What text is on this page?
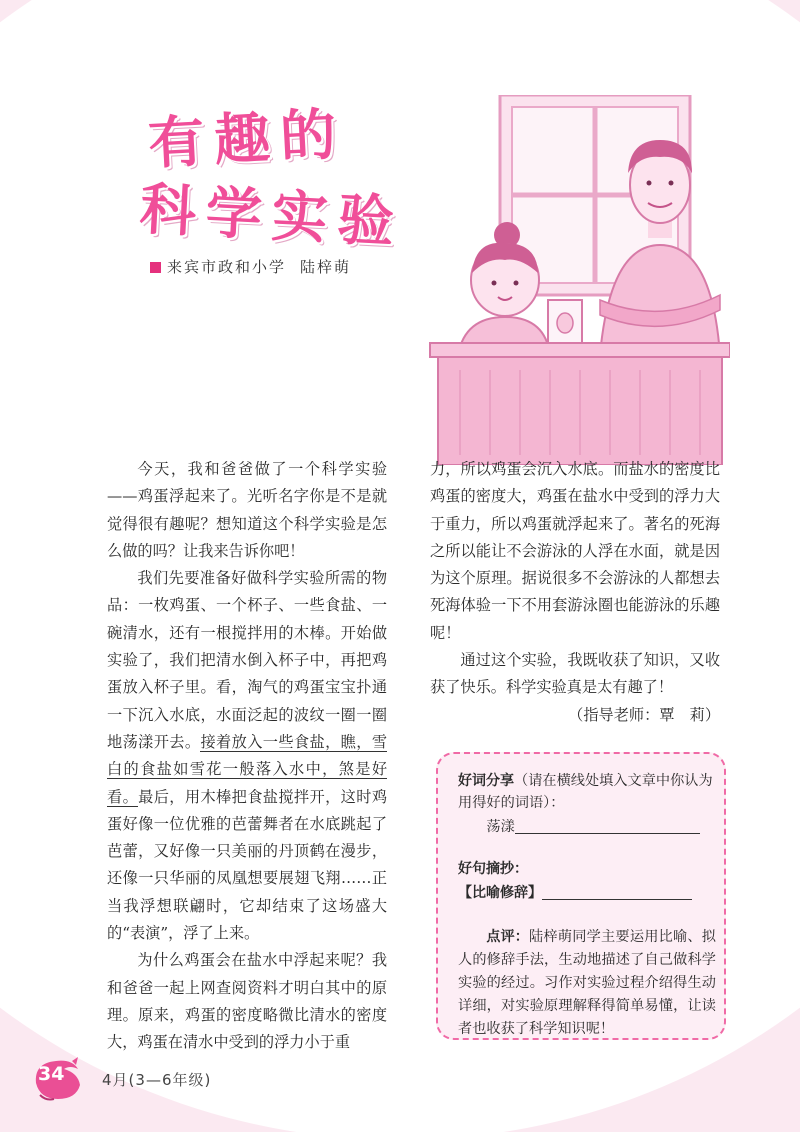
有趣的
科学实验
来宾市政和小学 陆梓萌

今天，我和爸爸做了一个科学实验——鸡蛋浮起来了。光听名字你是不是就觉得很有趣呢？想知道这个科学实验是怎么做的吗？让我来告诉你吧！

我们先要准备好做科学实验所需的物品：一枚鸡蛋、一个杯子、一些食盐、一碗清水，还有一根搅拌用的木棒。开始做实验了，我们把清水倒入杯子中，再把鸡蛋放入杯子里。看，淘气的鸡蛋宝宝扑通一下沉入水底，水面泛起的波纹一圈一圈地荡漾开去。接着放入一些食盐，瞧，雪白的食盐如雪花一般落入水中，煞是好看。最后，用木棒把食盐搅拌开，这时鸡蛋好像一位优雅的芭蕾舞者在水底跳起了芭蕾，又好像一只美丽的丹顶鹤在漫步，还像一只华丽的凤凰想要展翅飞翔……正当我浮想联翩时，它却结束了这场盛大的“表演”，浮了上来。

为什么鸡蛋会在盐水中浮起来呢？我和爸爸一起上网查阅资料才明白其中的原理。原来，鸡蛋的密度略微比清水的密度大，鸡蛋在清水中受到的浮力小于重

力，所以鸡蛋会沉入水底。而盐水的密度比鸡蛋的密度大，鸡蛋在盐水中受到的浮力大于重力，所以鸡蛋就浮起来了。著名的死海之所以能让不会游泳的人浮在水面，就是因为这个原理。据说很多不会游泳的人都想去死海体验一下不用套游泳圈也能游泳的乐趣呢！

通过这个实验，我既收获了知识，又收获了快乐。科学实验真是太有趣了！

（指导老师：覃　莉）

好词分享（请在横线处填入文章中你认为用得好的词语）：
荡漾
好句摘抄：
【比喻修辞】
点评：陆梓萌同学主要运用比喻、拟人的修辞手法，生动地描述了自己做科学实验的经过。习作对实验过程介绍得生动详细，对实验原理解释得简单易懂，让读者也收获了科学知识呢！
34	4月(3—6年级)
